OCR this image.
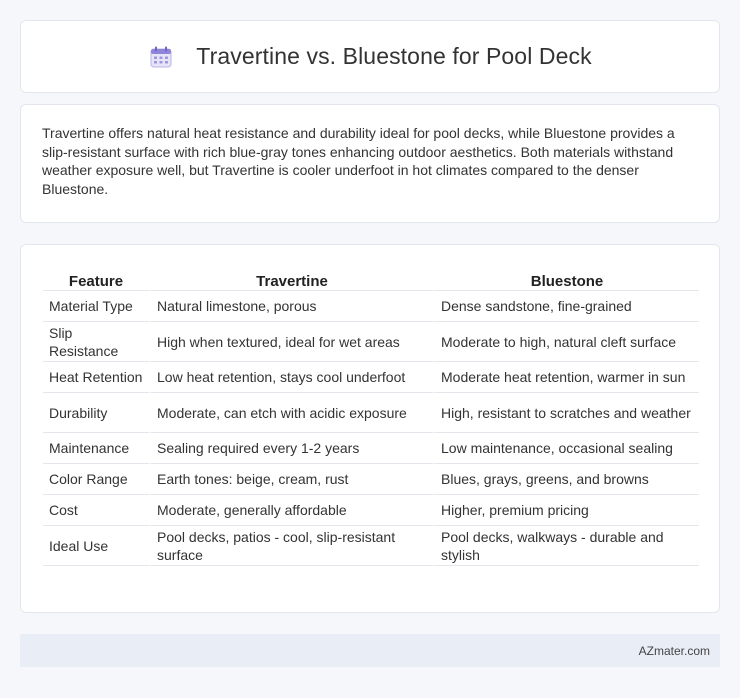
Travertine vs. Bluestone for Pool Deck

Travertine offers natural heat resistance and durability ideal for pool decks, while Bluestone provides a slip-resistant surface with rich blue-gray tones enhancing outdoor aesthetics. Both materials withstand weather exposure well, but Travertine is cooler underfoot in hot climates compared to the denser Bluestone.

Feature	Travertine	Bluestone
Material Type	Natural limestone, porous	Dense sandstone, fine-grained
Slip Resistance	High when textured, ideal for wet areas	Moderate to high, natural cleft surface
Heat Retention	Low heat retention, stays cool underfoot	Moderate heat retention, warmer in sun
Durability	Moderate, can etch with acidic exposure	High, resistant to scratches and weather
Maintenance	Sealing required every 1-2 years	Low maintenance, occasional sealing
Color Range	Earth tones: beige, cream, rust	Blues, grays, greens, and browns
Cost	Moderate, generally affordable	Higher, premium pricing
Ideal Use	Pool decks, patios - cool, slip-resistant surface	Pool decks, walkways - durable and stylish
AZmater.com
